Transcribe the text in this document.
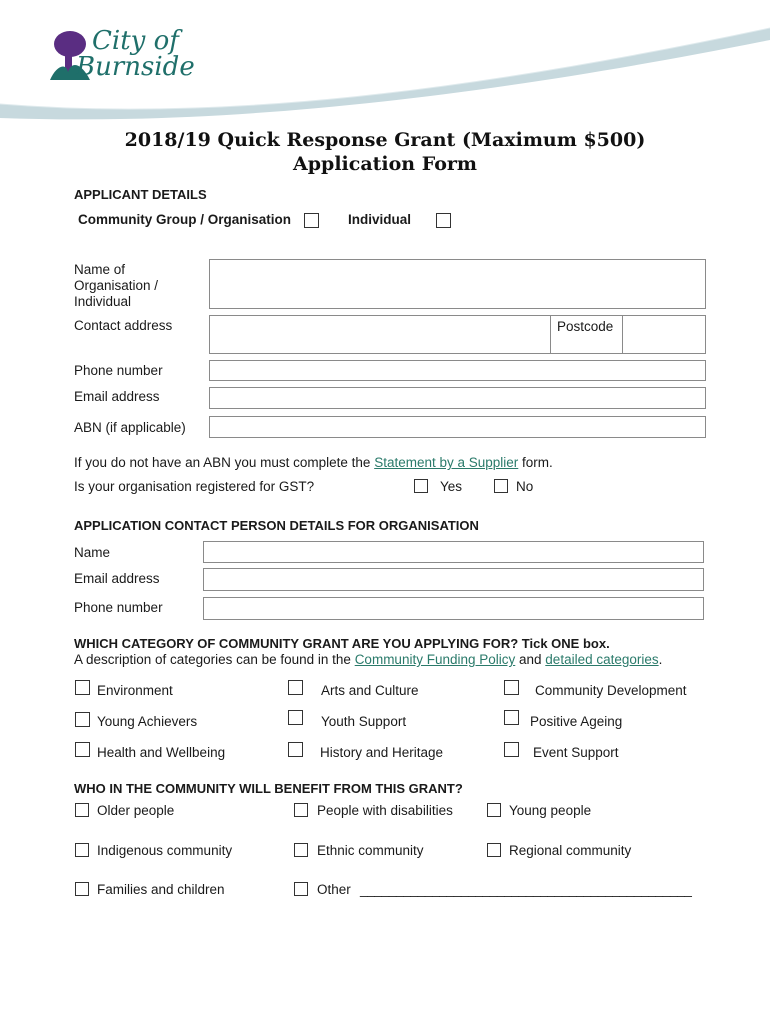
City of
Burnside
2018/19 Quick Response Grant (Maximum $500)
Application Form
APPLICANT DETAILS
Community Group / Organisation	Individual
Name of Organisation / Individual
Contact address	Postcode
Phone number
Email address
ABN (if applicable)
If you do not have an ABN you must complete the Statement by a Supplier form.
Is your organisation registered for GST?	Yes	No
APPLICATION CONTACT PERSON DETAILS FOR ORGANISATION
Name
Email address
Phone number
WHICH CATEGORY OF COMMUNITY GRANT ARE YOU APPLYING FOR? Tick ONE box.
A description of categories can be found in the Community Funding Policy and detailed categories.
Environment	Arts and Culture	Community Development
Young Achievers	Youth Support	Positive Ageing
Health and Wellbeing	History and Heritage	Event Support
WHO IN THE COMMUNITY WILL BENEFIT FROM THIS GRANT?
Older people	People with disabilities	Young people
Indigenous community	Ethnic community	Regional community
Families and children	Other ______________________________________________
